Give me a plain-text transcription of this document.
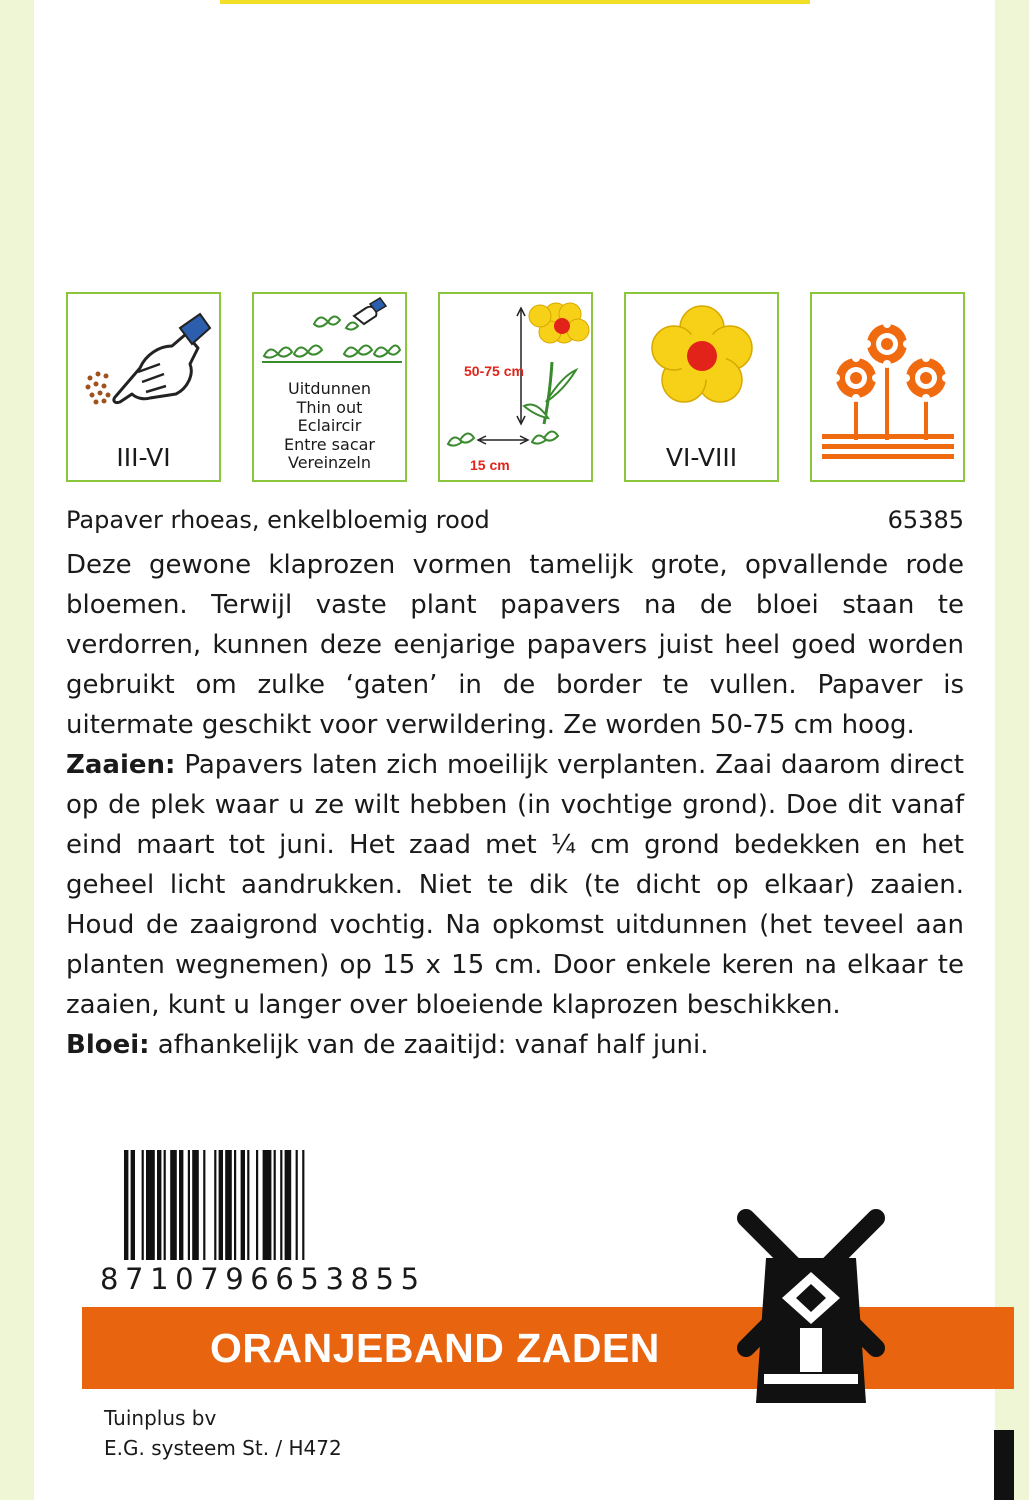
III-VI
Uitdunnen
Thin out
Eclaircir
Entre sacar
Vereinzeln
50-75 cm
15 cm	VI-VIII
Papaver rhoeas, enkelbloemig rood	65385

Deze gewone klaprozen vormen tamelijk grote, opvallende rode bloemen. Terwijl vaste plant papavers na de bloei staan te verdorren, kunnen deze eenjarige papavers juist heel goed worden gebruikt om zulke ‘gaten’ in de border te vullen. Papaver is uitermate geschikt voor verwildering. Ze worden 50-75 cm hoog.

Zaaien: Papavers laten zich moeilijk verplanten. Zaai daarom direct op de plek waar u ze wilt hebben (in vochtige grond). Doe dit vanaf eind maart tot juni. Het zaad met ¼ cm grond bedekken en het geheel licht aandrukken. Niet te dik (te dicht op elkaar) zaaien. Houd de zaaigrond vochtig. Na opkomst uitdunnen (het teveel aan planten wegnemen) op 15 x 15 cm. Door enkele keren na elkaar te zaaien, kunt u langer over bloeiende klaprozen beschikken.

Bloei: afhankelijk van de zaaitijd: vanaf half juni.

8710796653855
ORANJEBAND ZADEN
Tuinplus bv
E.G. systeem St. / H472
